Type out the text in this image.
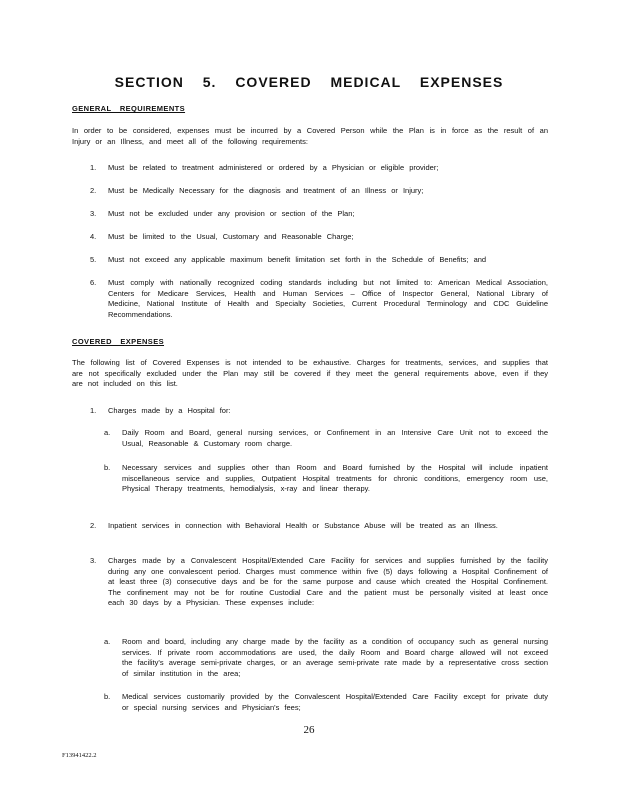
SECTION 5. COVERED MEDICAL EXPENSES
GENERAL REQUIREMENTS

In order to be considered, expenses must be incurred by a Covered Person while the Plan is in force as the result of an Injury or an Illness, and meet all of the following requirements:

1. Must be related to treatment administered or ordered by a Physician or eligible provider;

2. Must be Medically Necessary for the diagnosis and treatment of an Illness or Injury;

3. Must not be excluded under any provision or section of the Plan;

4. Must be limited to the Usual, Customary and Reasonable Charge;

5. Must not exceed any applicable maximum benefit limitation set forth in the Schedule of Benefits; and

6. Must comply with nationally recognized coding standards including but not limited to: American Medical Association, Centers for Medicare Services, Health and Human Services – Office of Inspector General, National Library of Medicine, National Institute of Health and Specialty Societies, Current Procedural Terminology and CDC Guideline Recommendations.

COVERED EXPENSES

The following list of Covered Expenses is not intended to be exhaustive. Charges for treatments, services, and supplies that are not specifically excluded under the Plan may still be covered if they meet the general requirements above, even if they are not included on this list.

1. Charges made by a Hospital for:

a. Daily Room and Board, general nursing services, or Confinement in an Intensive Care Unit not to exceed the Usual, Reasonable & Customary room charge.

b. Necessary services and supplies other than Room and Board furnished by the Hospital will include inpatient miscellaneous service and supplies, Outpatient Hospital treatments for chronic conditions, emergency room use, Physical Therapy treatments, hemodialysis, x-ray and linear therapy.

2. Inpatient services in connection with Behavioral Health or Substance Abuse will be treated as an Illness.

3. Charges made by a Convalescent Hospital/Extended Care Facility for services and supplies furnished by the facility during any one convalescent period. Charges must commence within five (5) days following a Hospital Confinement of at least three (3) consecutive days and be for the same purpose and cause which created the Hospital Confinement. The confinement may not be for routine Custodial Care and the patient must be personally visited at least once each 30 days by a Physician. These expenses include:

a. Room and board, including any charge made by the facility as a condition of occupancy such as general nursing services. If private room accommodations are used, the daily Room and Board charge allowed will not exceed the facility's average semi-private charges, or an average semi-private rate made by a representative cross section of similar institution in the area;

b. Medical services customarily provided by the Convalescent Hospital/Extended Care Facility except for private duty or special nursing services and Physician's fees;

26
F13941422.2
